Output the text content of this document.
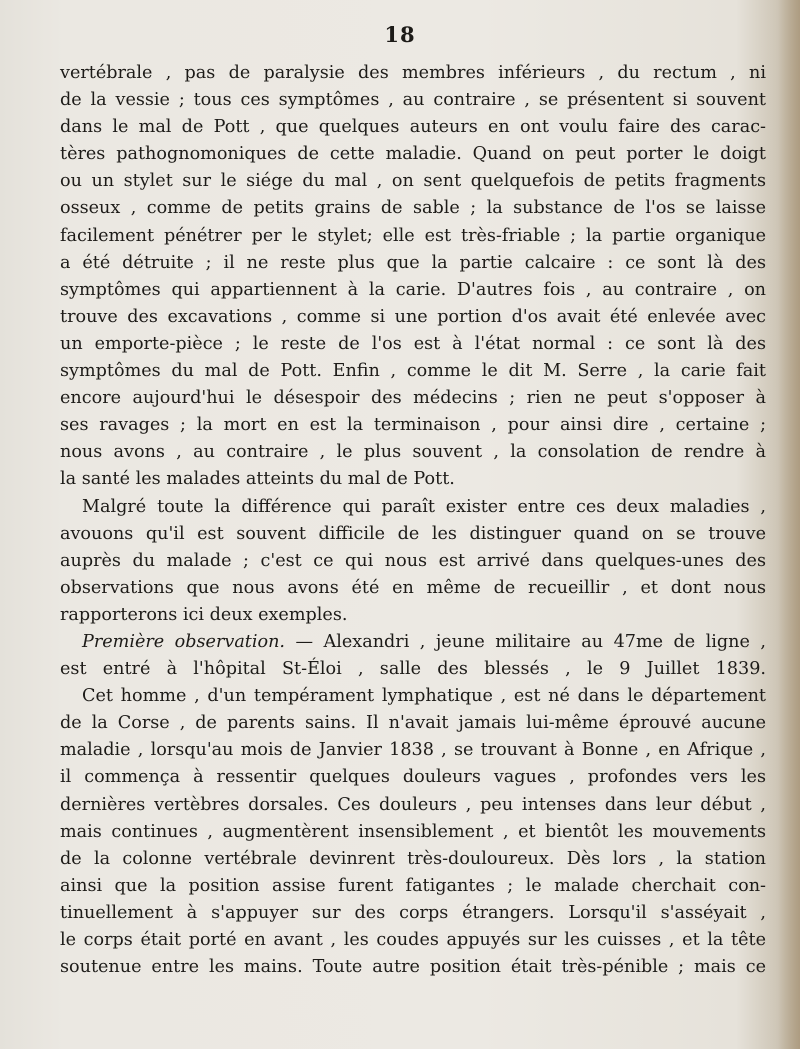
18
vertébrale , pas de paralysie des membres inférieurs , du rectum , ni
de la vessie ; tous ces symptômes , au contraire , se présentent si souvent
dans le mal de Pott , que quelques auteurs en ont voulu faire des carac-
tères pathognomoniques de cette maladie. Quand on peut porter le doigt
ou un stylet sur le siége du mal , on sent quelquefois de petits fragments
osseux , comme de petits grains de sable ; la substance de l'os se laisse
facilement pénétrer per le stylet; elle est très-friable ; la partie organique
a été détruite ; il ne reste plus que la partie calcaire : ce sont là des
symptômes qui appartiennent à la carie. D'autres fois , au contraire , on
trouve des excavations , comme si une portion d'os avait été enlevée avec
un emporte-pièce ; le reste de l'os est à l'état normal : ce sont là des
symptômes du mal de Pott. Enfin , comme le dit M. Serre , la carie fait
encore aujourd'hui le désespoir des médecins ; rien ne peut s'opposer à
ses ravages ; la mort en est la terminaison , pour ainsi dire , certaine ;
nous avons , au contraire , le plus souvent , la consolation de rendre à
la santé les malades atteints du mal de Pott.
Malgré toute la différence qui paraît exister entre ces deux maladies ,
avouons qu'il est souvent difficile de les distinguer quand on se trouve
auprès du malade ; c'est ce qui nous est arrivé dans quelques-unes des
observations que nous avons été en même de recueillir , et dont nous
rapporterons ici deux exemples.
Première observation. — Alexandri , jeune militaire au 47me de ligne ,
est entré à l'hôpital St-Éloi , salle des blessés , le 9 Juillet 1839.
Cet homme , d'un tempérament lymphatique , est né dans le département
de la Corse , de parents sains. Il n'avait jamais lui-même éprouvé aucune
maladie , lorsqu'au mois de Janvier 1838 , se trouvant à Bonne , en Afrique ,
il commença à ressentir quelques douleurs vagues , profondes vers les
dernières vertèbres dorsales. Ces douleurs , peu intenses dans leur début ,
mais continues , augmentèrent insensiblement , et bientôt les mouvements
de la colonne vertébrale devinrent très-douloureux. Dès lors , la station
ainsi que la position assise furent fatigantes ; le malade cherchait con-
tinuellement à s'appuyer sur des corps étrangers. Lorsqu'il s'asséyait ,
le corps était porté en avant , les coudes appuyés sur les cuisses , et la tête
soutenue entre les mains. Toute autre position était très-pénible ; mais ce
